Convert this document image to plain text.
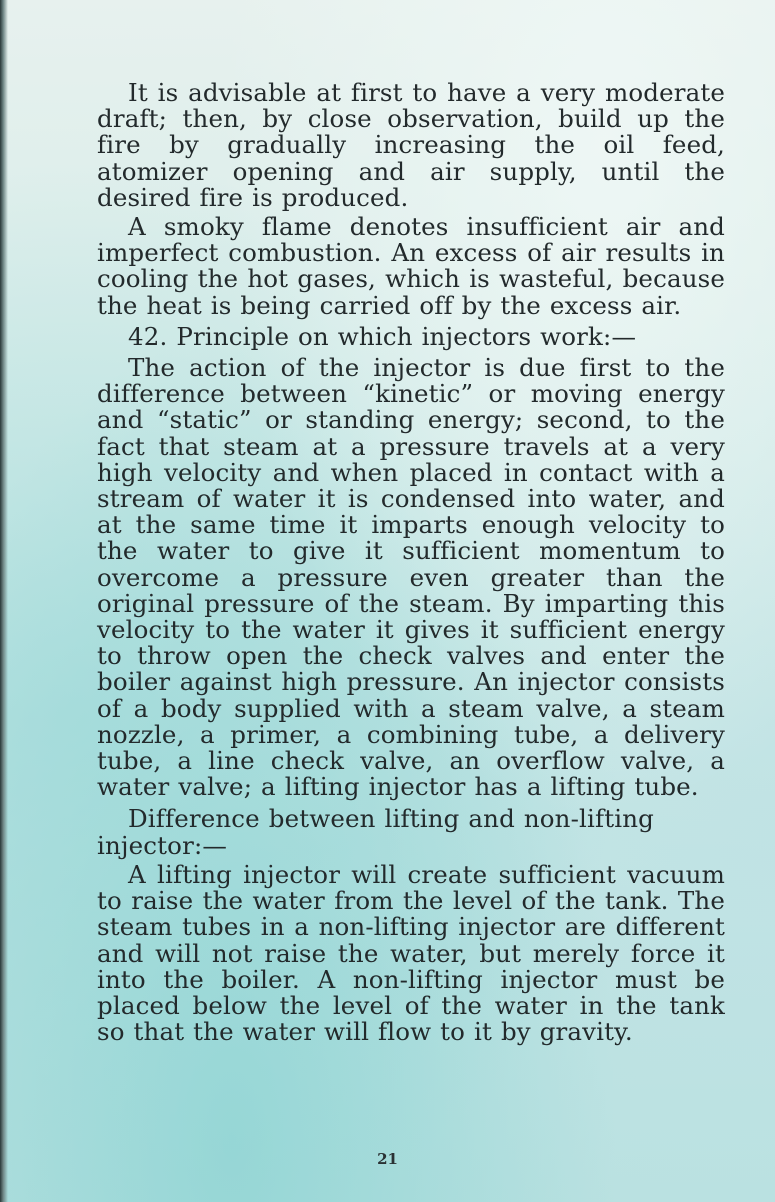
It is advisable at first to have a very moderate draft; then, by close observation, build up the fire by gradually increasing the oil feed, atomizer opening and air supply, until the desired fire is produced.

A smoky flame denotes insufficient air and imperfect combustion. An excess of air results in cooling the hot gases, which is wasteful, because the heat is being carried off by the excess air.

42. Principle on which injectors work:—

The action of the injector is due first to the difference between “kinetic” or moving energy and “static” or standing energy; second, to the fact that steam at a pressure travels at a very high velocity and when placed in contact with a stream of water it is condensed into water, and at the same time it imparts enough velocity to the water to give it sufficient momentum to overcome a pressure even greater than the original pressure of the steam. By imparting this velocity to the water it gives it sufficient energy to throw open the check valves and enter the boiler against high pressure. An injector consists of a body supplied with a steam valve, a steam nozzle, a primer, a combining tube, a delivery tube, a line check valve, an overflow valve, a water valve; a lifting injector has a lifting tube.

Difference between lifting and non-lifting injector:—

A lifting injector will create sufficient vacuum to raise the water from the level of the tank. The steam tubes in a non-lifting injector are different and will not raise the water, but merely force it into the boiler. A non-lifting injector must be placed below the level of the water in the tank so that the water will flow to it by gravity.

21
